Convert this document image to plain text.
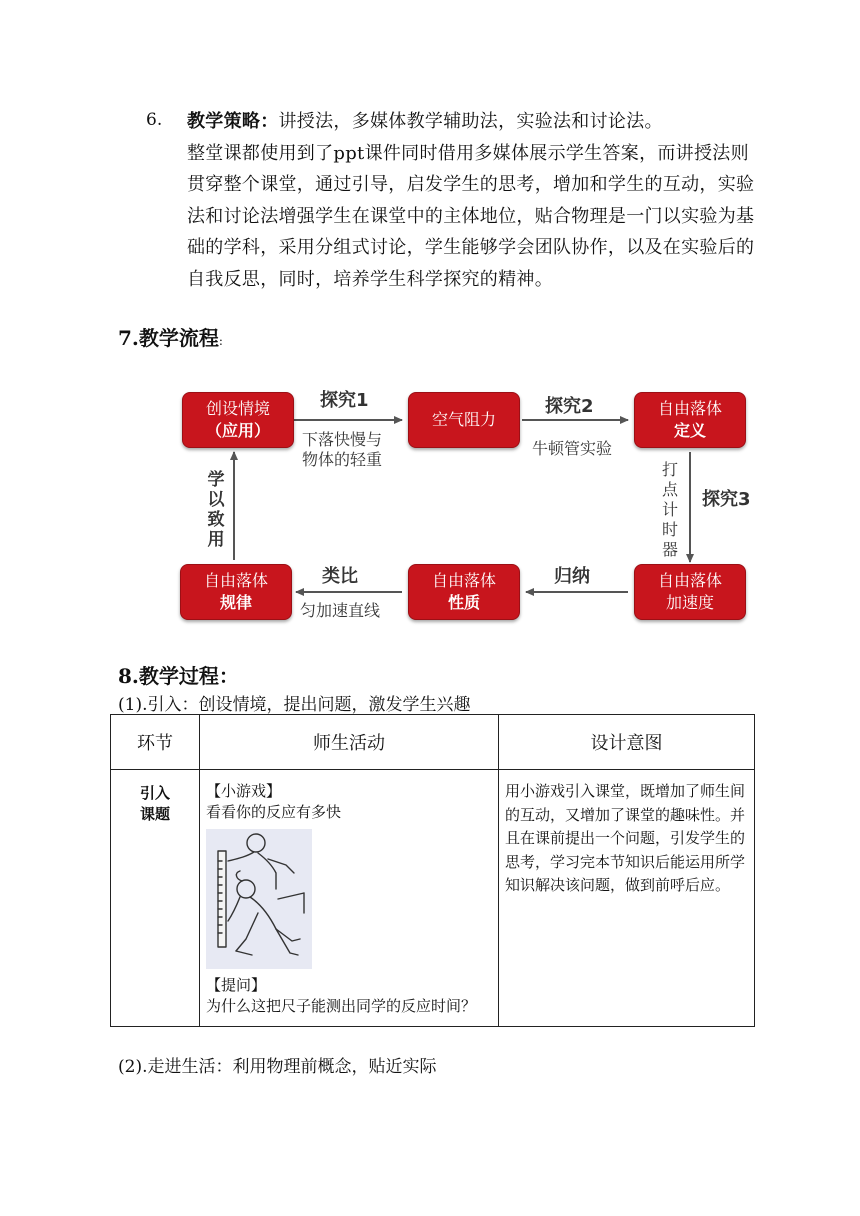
6. 教学策略：讲授法，多媒体教学辅助法，实验法和讨论法。
整堂课都使用到了ppt课件同时借用多媒体展示学生答案，而讲授法则贯穿整个课堂，通过引导，启发学生的思考，增加和学生的互动，实验法和讨论法增强学生在课堂中的主体地位，贴合物理是一门以实验为基础的学科，采用分组式讨论，学生能够学会团队协作，以及在实验后的自我反思，同时，培养学生科学探究的精神。
7.教学流程:
创设情境
（应用）
空气阻力
自由落体
定义
自由落体
加速度
自由落体
性质
自由落体
规律
探究1
下落快慢与
物体的轻重
探究2
牛顿管实验
打点计时器
探究3
归纳
类比
匀加速直线
学以致用
8.教学过程：
(1).引入：创设情境，提出问题，激发学生兴趣
环节	师生活动	设计意图

引入课题	【小游戏】
看看你的反应有多快
【提问】
为什么这把尺子能测出同学的反应时间？	用小游戏引入课堂，既增加了师生间的互动，又增加了课堂的趣味性。并且在课前提出一个问题，引发学生的思考，学习完本节知识后能运用所学知识解决该问题，做到前呼后应。
(2).走进生活：利用物理前概念，贴近实际
